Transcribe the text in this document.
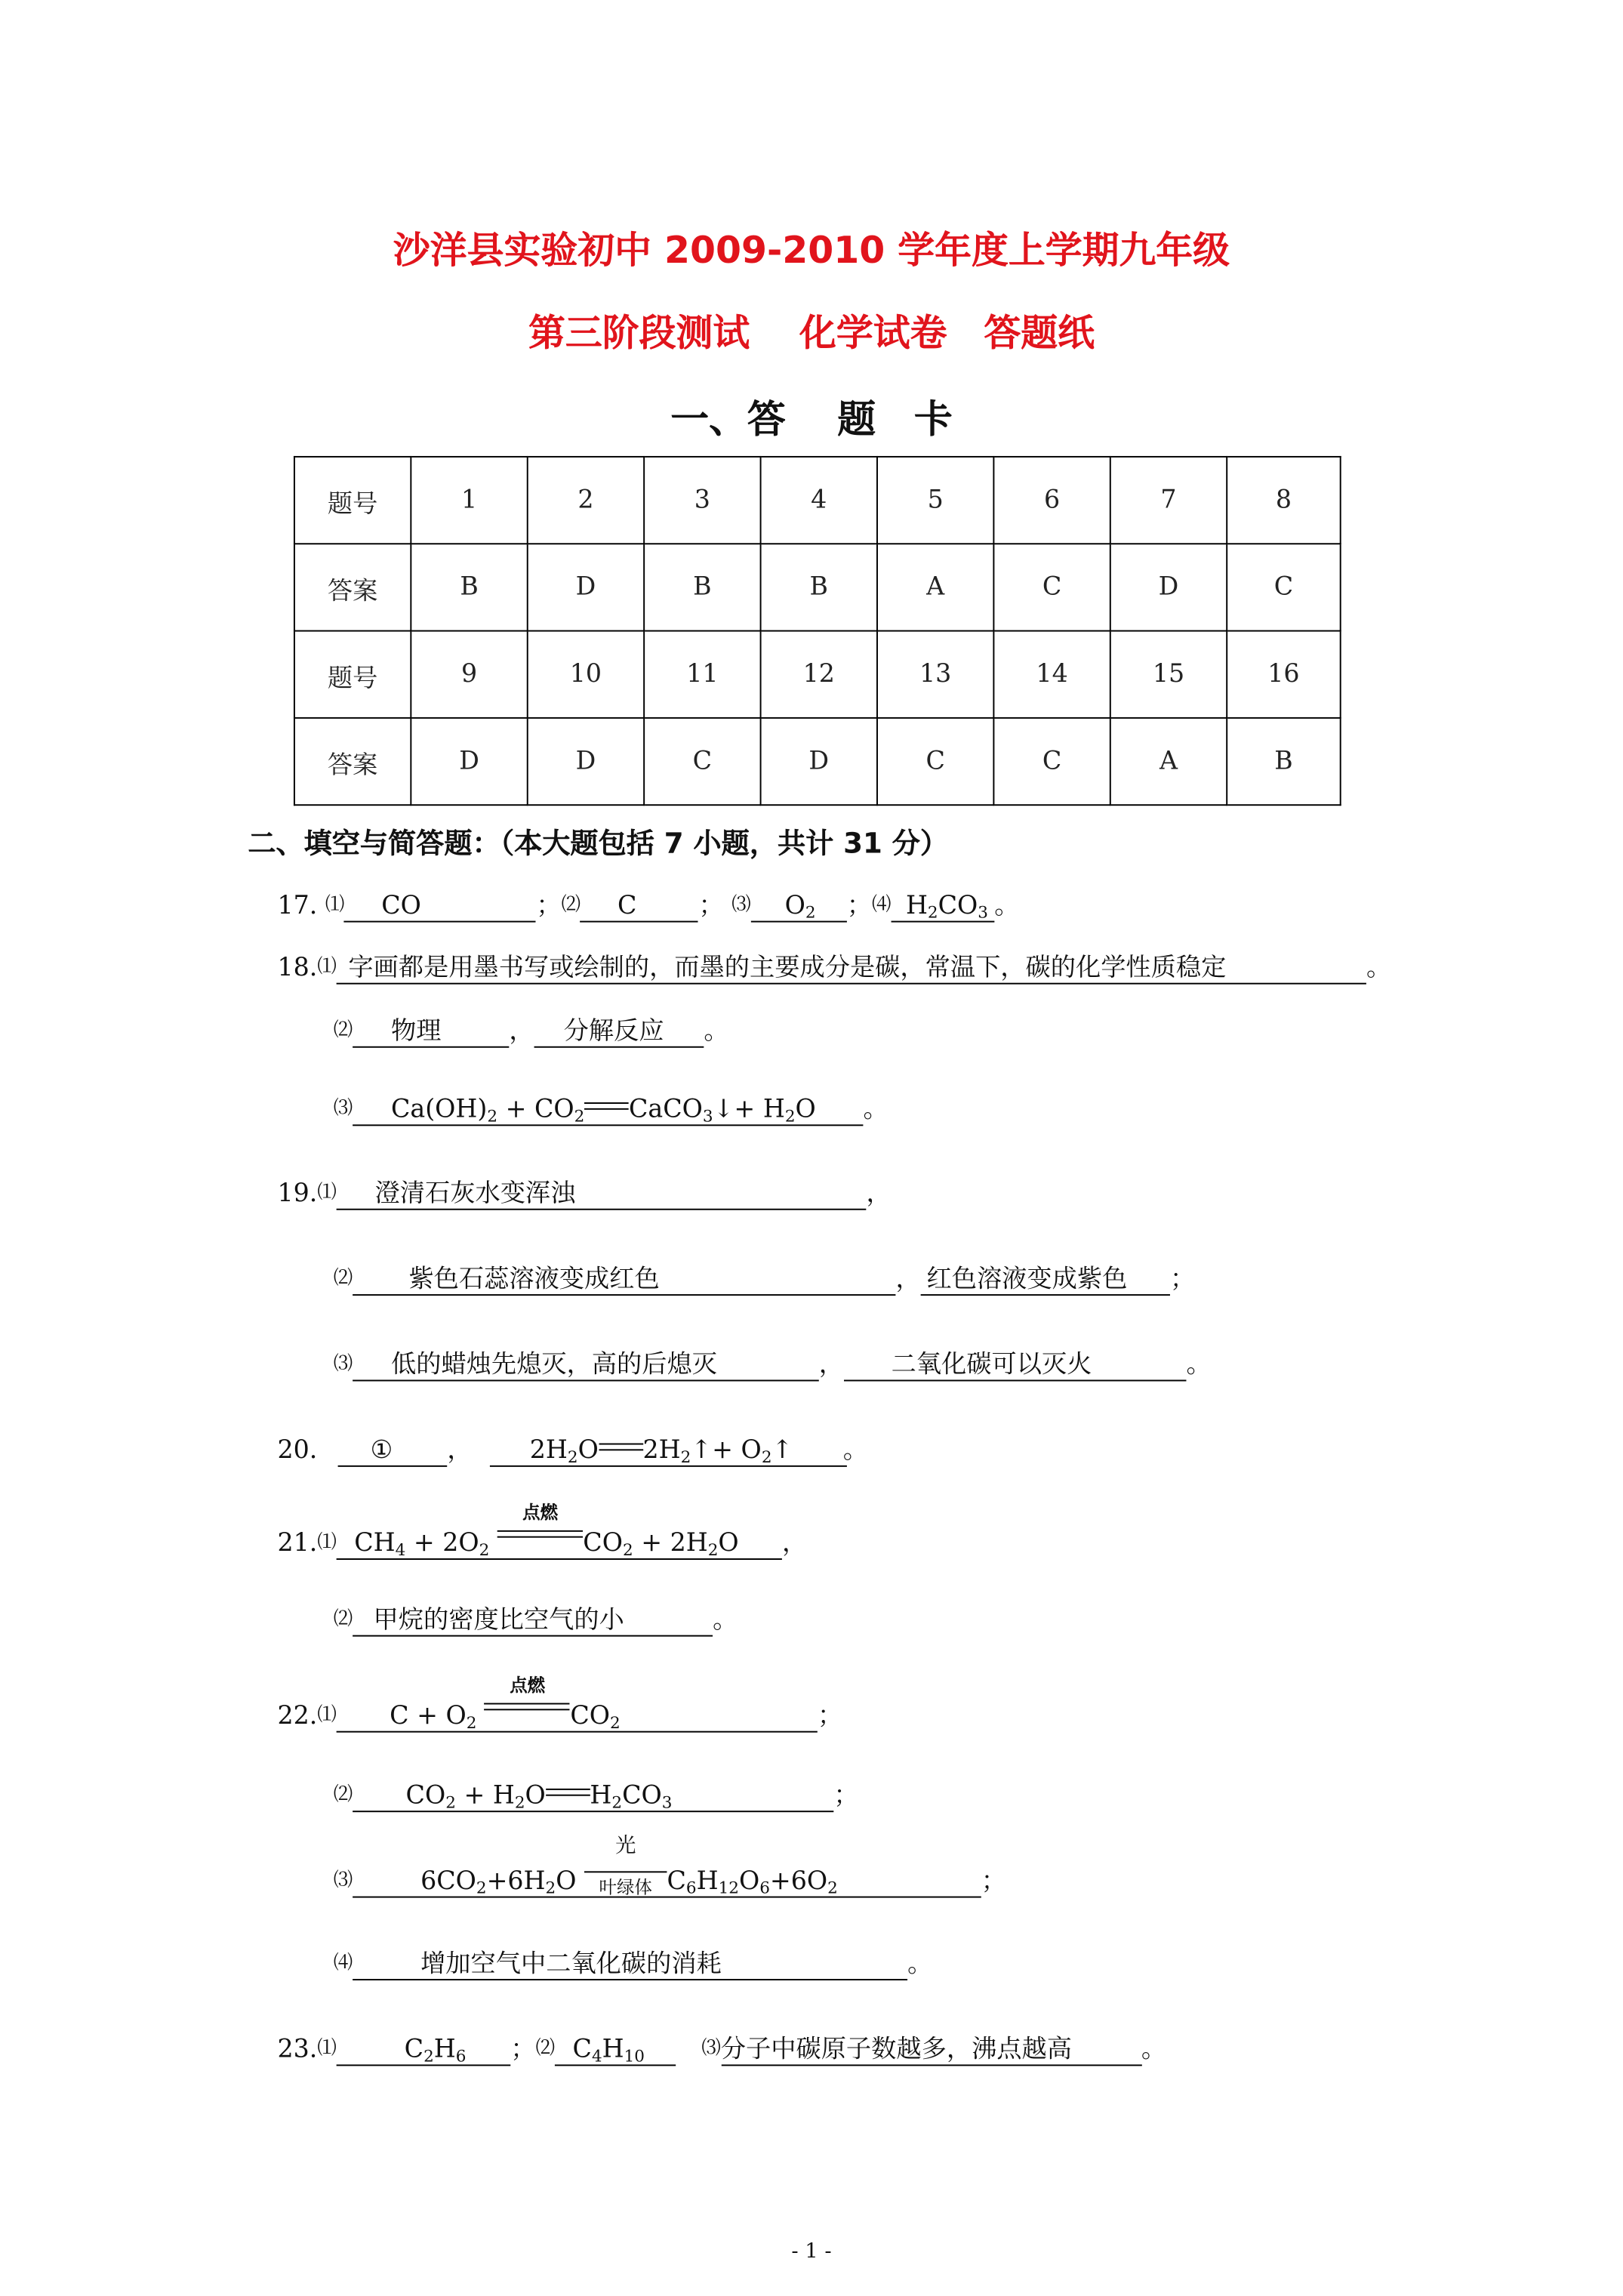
沙洋县实验初中 2009-2010 学年度上学期九年级
第三阶段测试　 化学试卷　答题纸
一、答　 题　卡
题号	1	2	3	4	5	6	7	8
答案	B	D	B	B	A	C	D	C
题号	9	10	11	12	13	14	15	16
答案	D	D	C	D	C	C	A	B
二、填空与简答题：（本大题包括 7 小题，共计 31 分）
17. ⑴	CO	；⑵	C	； ⑶	$O_2$ ；⑷ $H_2CO_3$ 。
18.⑴ 字画都是用墨书写或绘制的，而墨的主要成分是碳，常温下，碳的化学性质稳定	。
⑵	物理	， 分解反应	。
⑶	$Ca(OH)_2 + CO_2$	CaCO$_3$↓+ $H_2O$	。
19.⑴	澄清石灰水变浑浊	，
⑵	紫色石蕊溶液变成红色	， 红色溶液变成紫色	；
⑶	低的蜡烛先熄灭，高的后熄灭	，	二氧化碳可以灭火	。
20.	①	，	$2H_2O$	$2H_2↑+$ $O_2↑$　　。
21.⑴ $CH_4 + 2O_2$
点燃
$CO_2 + 2H_2O$	，
⑵ 甲烷的密度比空气的小	。
22.⑴	$C + O_2$
点燃
$CO_2$	；
⑵	$CO_2 + H_2O$	$H_2CO_3$	；
⑶	$6CO_2+6H_2O$
光
叶绿体	$C_6H_{12}O_6+6O_2$	；
⑷	增加空气中二氧化碳的消耗	。
23.⑴	$C_2H_6$	；⑵ $C_4H_{10}$	⑶分子中碳原子数越多，沸点越高	。
- 1 -
